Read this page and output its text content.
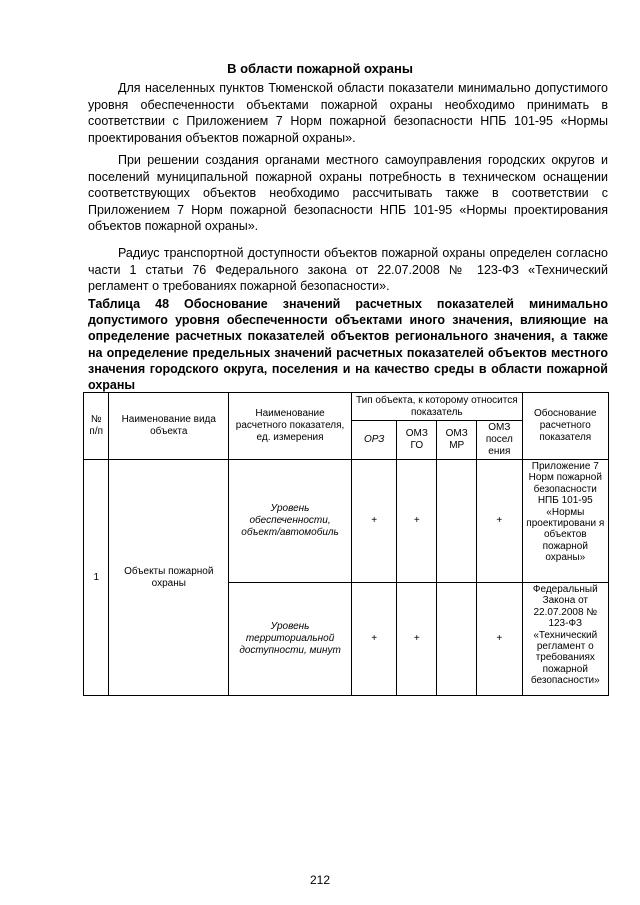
В области пожарной охраны

Для населенных пунктов Тюменской области показатели минимально допустимого уровня обеспеченности объектами пожарной охраны необходимо принимать в соответствии с Приложением 7 Норм пожарной безопасности НПБ 101-95 «Нормы проектирования объектов пожарной охраны».

При решении создания органами местного самоуправления городских округов и поселений муниципальной пожарной охраны потребность в техническом оснащении соответствующих объектов необходимо рассчитывать также в соответствии с Приложением 7 Норм пожарной безопасности НПБ 101-95 «Нормы проектирования объектов пожарной охраны».

Радиус транспортной доступности объектов пожарной охраны определен согласно части 1 статьи 76 Федерального закона от 22.07.2008 № 123-ФЗ «Технический регламент о требованиях пожарной безопасности».

Таблица 48 Обоснование значений расчетных показателей минимально допустимого уровня обеспеченности объектами иного значения, влияющие на определение расчетных показателей объектов регионального значения, а также на определение предельных значений расчетных показателей объектов местного значения городского округа, поселения и на качество среды в области пожарной охраны

№ п/п	Наименование вида объекта	Наименование расчетного показателя, ед. измерения	Тип объекта, к которому относится показатель				Обоснование расчетного показателя
			ОРЗ	ОМЗ ГО	ОМЗ МР	ОМЗ посел ения	
1	Объекты пожарной охраны	Уровень обеспеченности, объект/автомобиль	+	+		+	Приложение 7 Норм пожарной безопасности НПБ 101-95 «Нормы проектировани я объектов пожарной охраны»
		Уровень территориальной доступности, минут	+	+		+	Федеральный Закона от 22.07.2008 № 123-ФЗ «Технический регламент о требованиях пожарной безопасности»
212
